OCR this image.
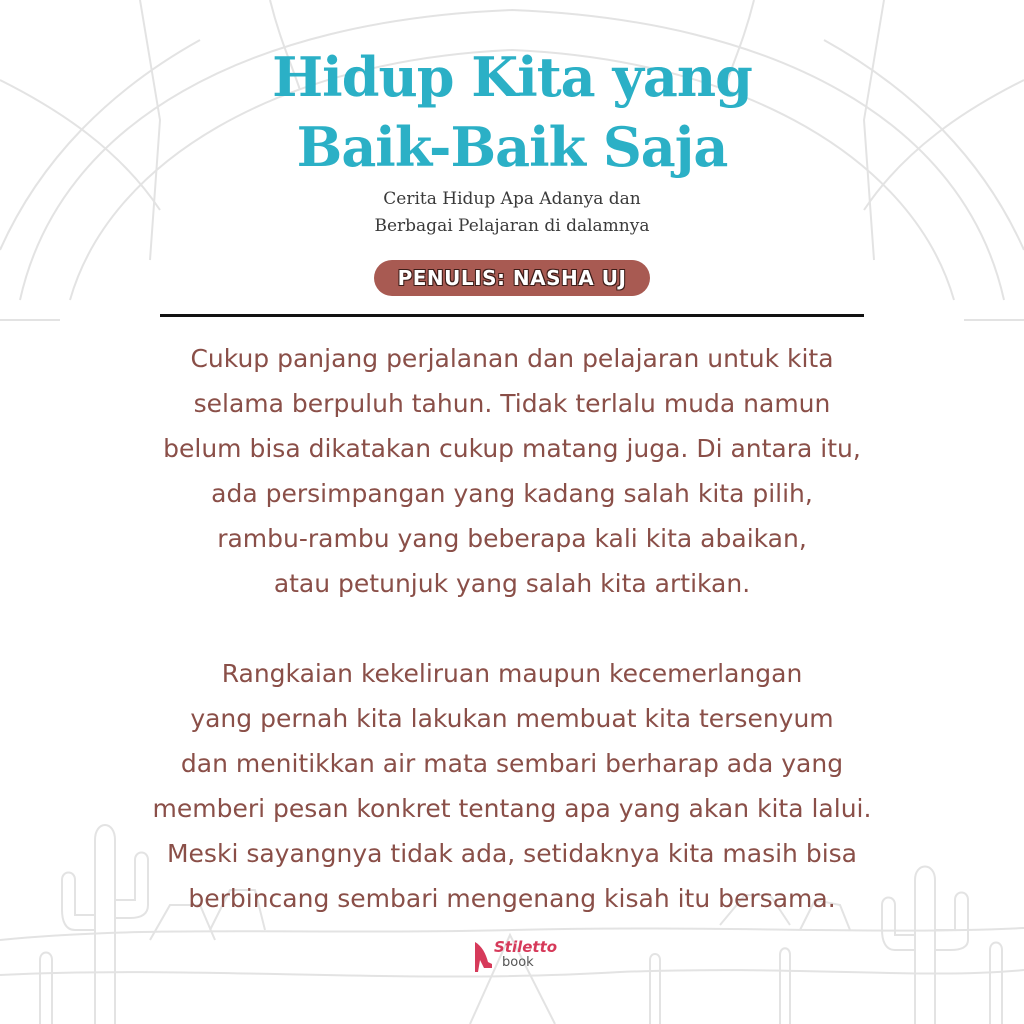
Hidup Kita yang
Baik-Baik Saja

Cerita Hidup Apa Adanya dan

Berbagai Pelajaran di dalamnya

PENULIS: NASHA UJ
Cukup panjang perjalanan dan pelajaran untuk kita
selama berpuluh tahun. Tidak terlalu muda namun
belum bisa dikatakan cukup matang juga. Di antara itu,
ada persimpangan yang kadang salah kita pilih,
rambu-rambu yang beberapa kali kita abaikan,
atau petunjuk yang salah kita artikan.
Rangkaian kekeliruan maupun kecemerlangan
yang pernah kita lakukan membuat kita tersenyum
dan menitikkan air mata sembari berharap ada yang
memberi pesan konkret tentang apa yang akan kita lalui.
Meski sayangnya tidak ada, setidaknya kita masih bisa
berbincang sembari mengenang kisah itu bersama.
Stiletto
book
